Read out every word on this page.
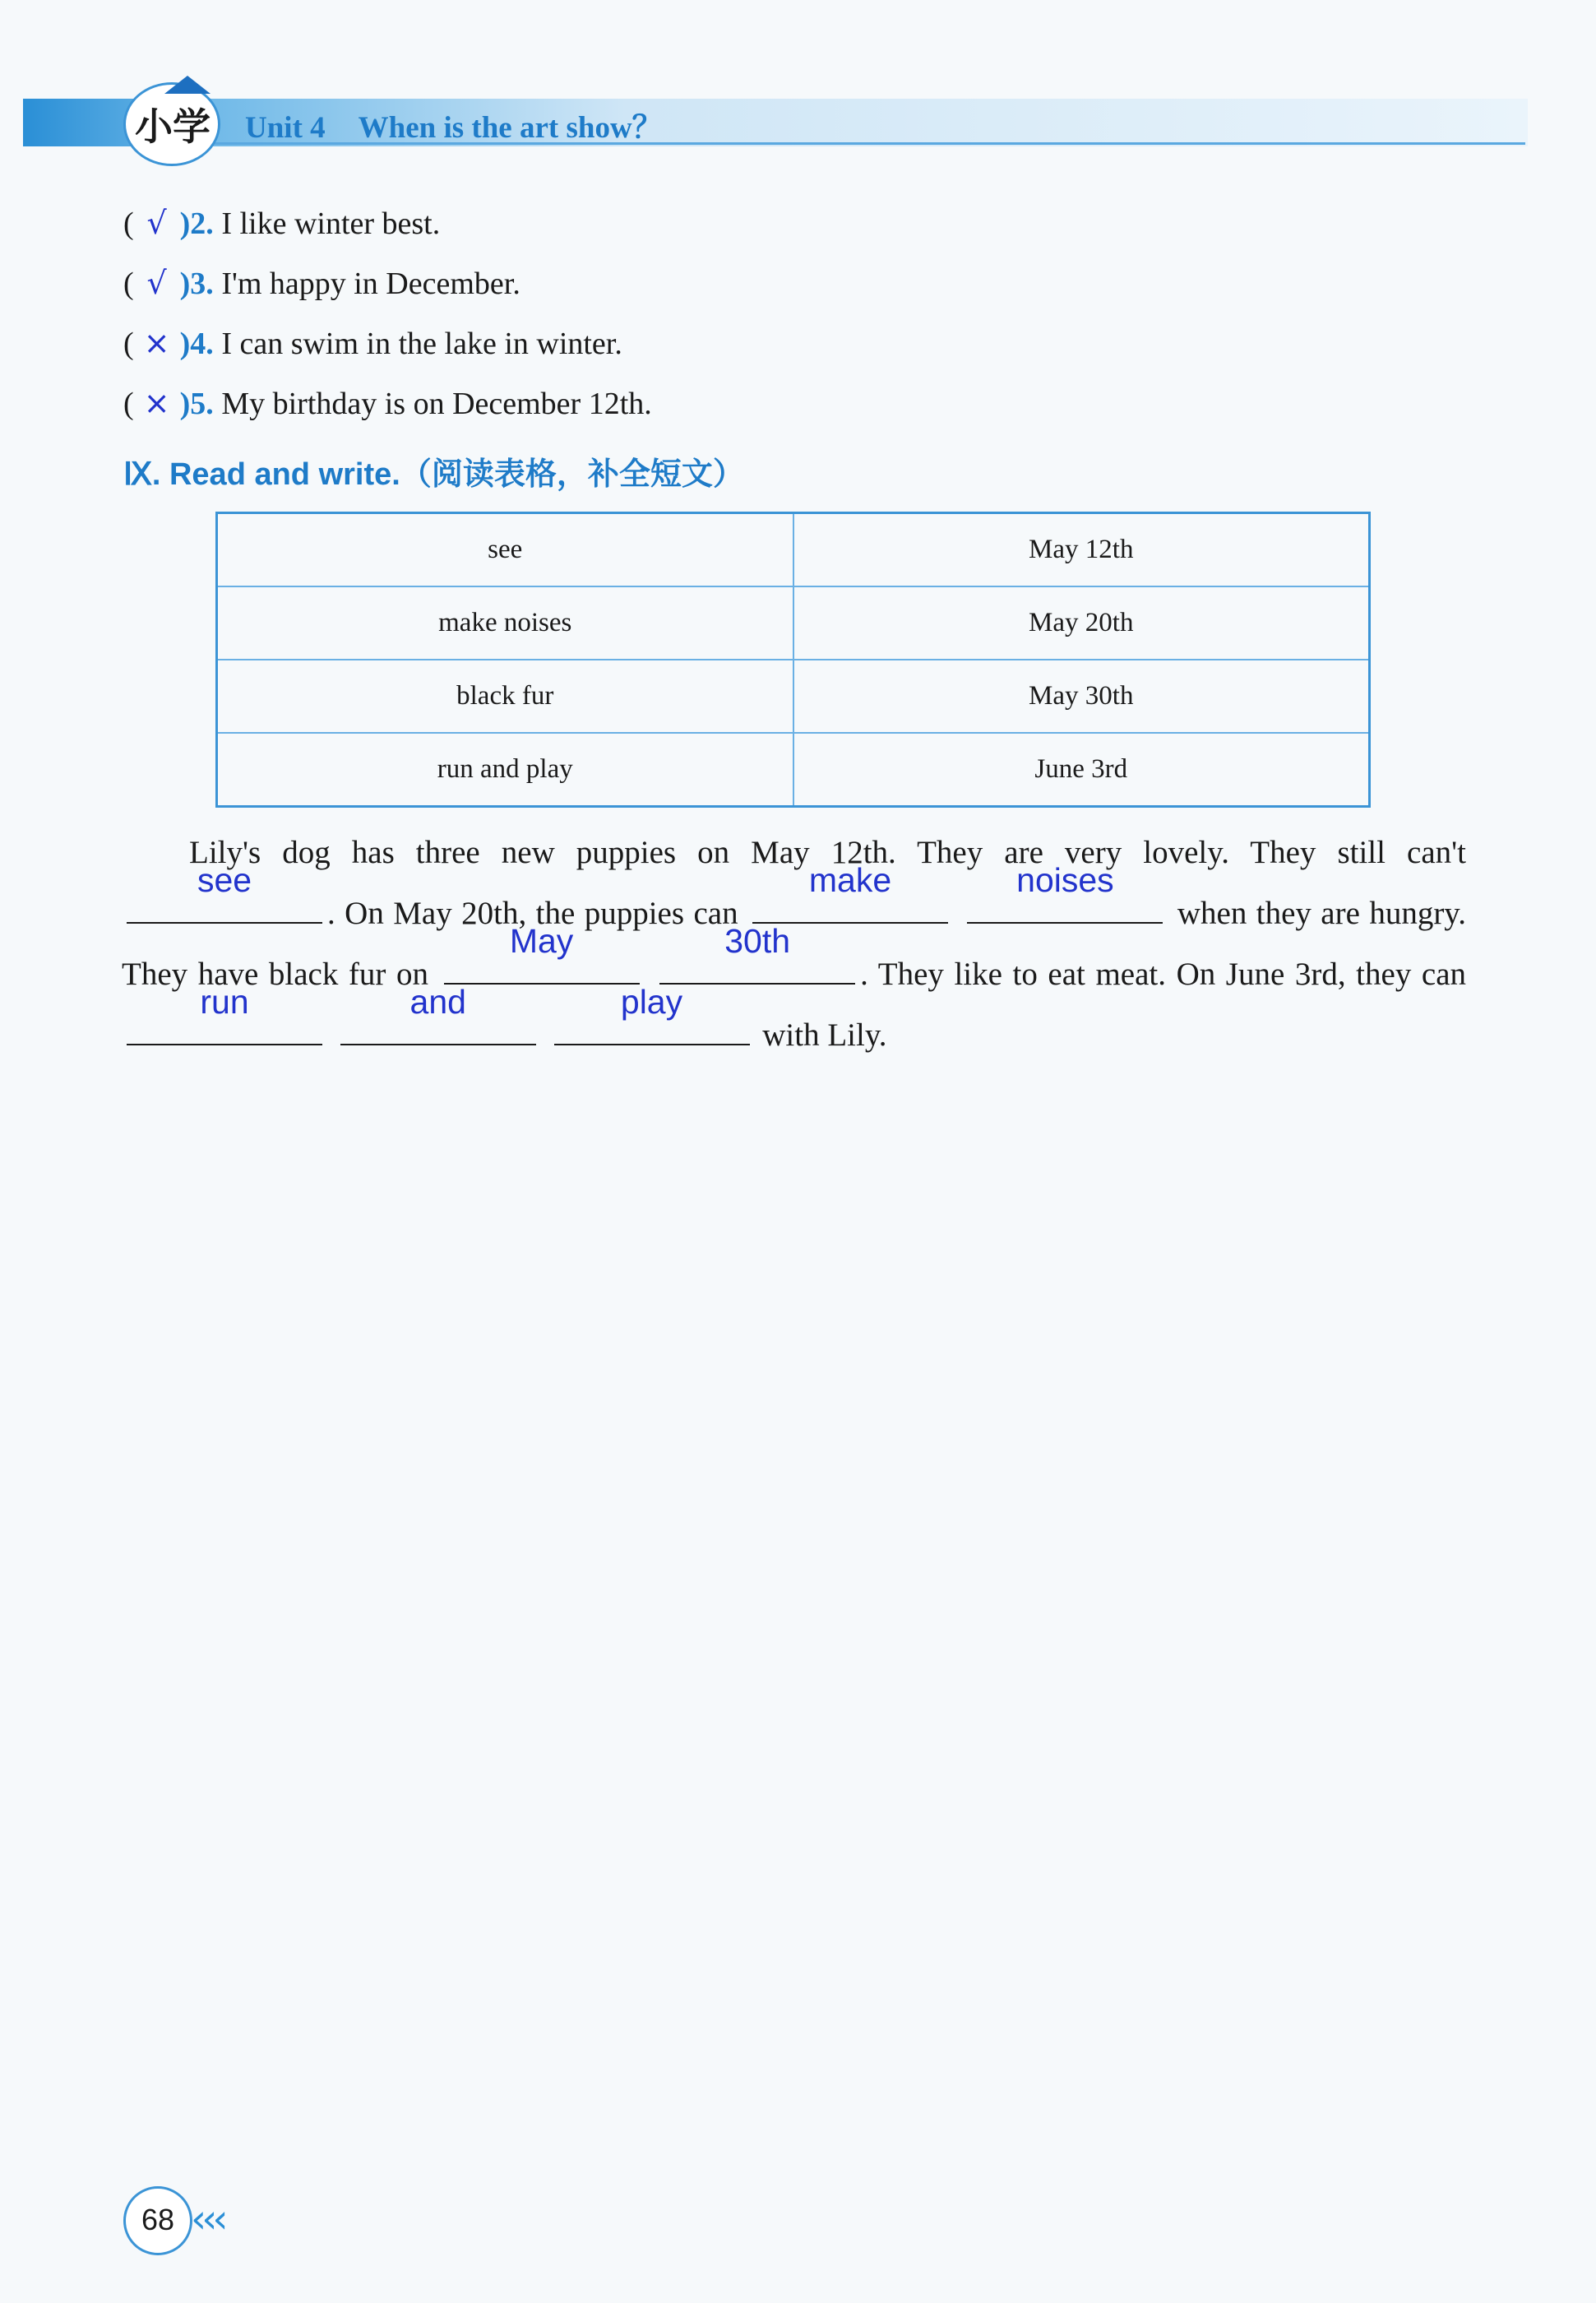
小学 Unit 4 When is the art show？
( √ )2. I like winter best.
( √ )3. I'm happy in December.
( × )4. I can swim in the lake in winter.
( × )5. My birthday is on December 12th.
Ⅸ. Read and write.（阅读表格，补全短文）
see	May 12th
make noises	May 20th
black fur	May 30th
run and play	June 3rd
Lily's dog has three new puppies on May 12th. They are very lovely. They still can't
see
. On May 20th, the puppies can
make
	noises
when they are hungry. They have black fur on
May
	30th
. They like to eat meat. On June 3rd, they can
run
	and
	play
with Lily.
68 ‹‹‹
